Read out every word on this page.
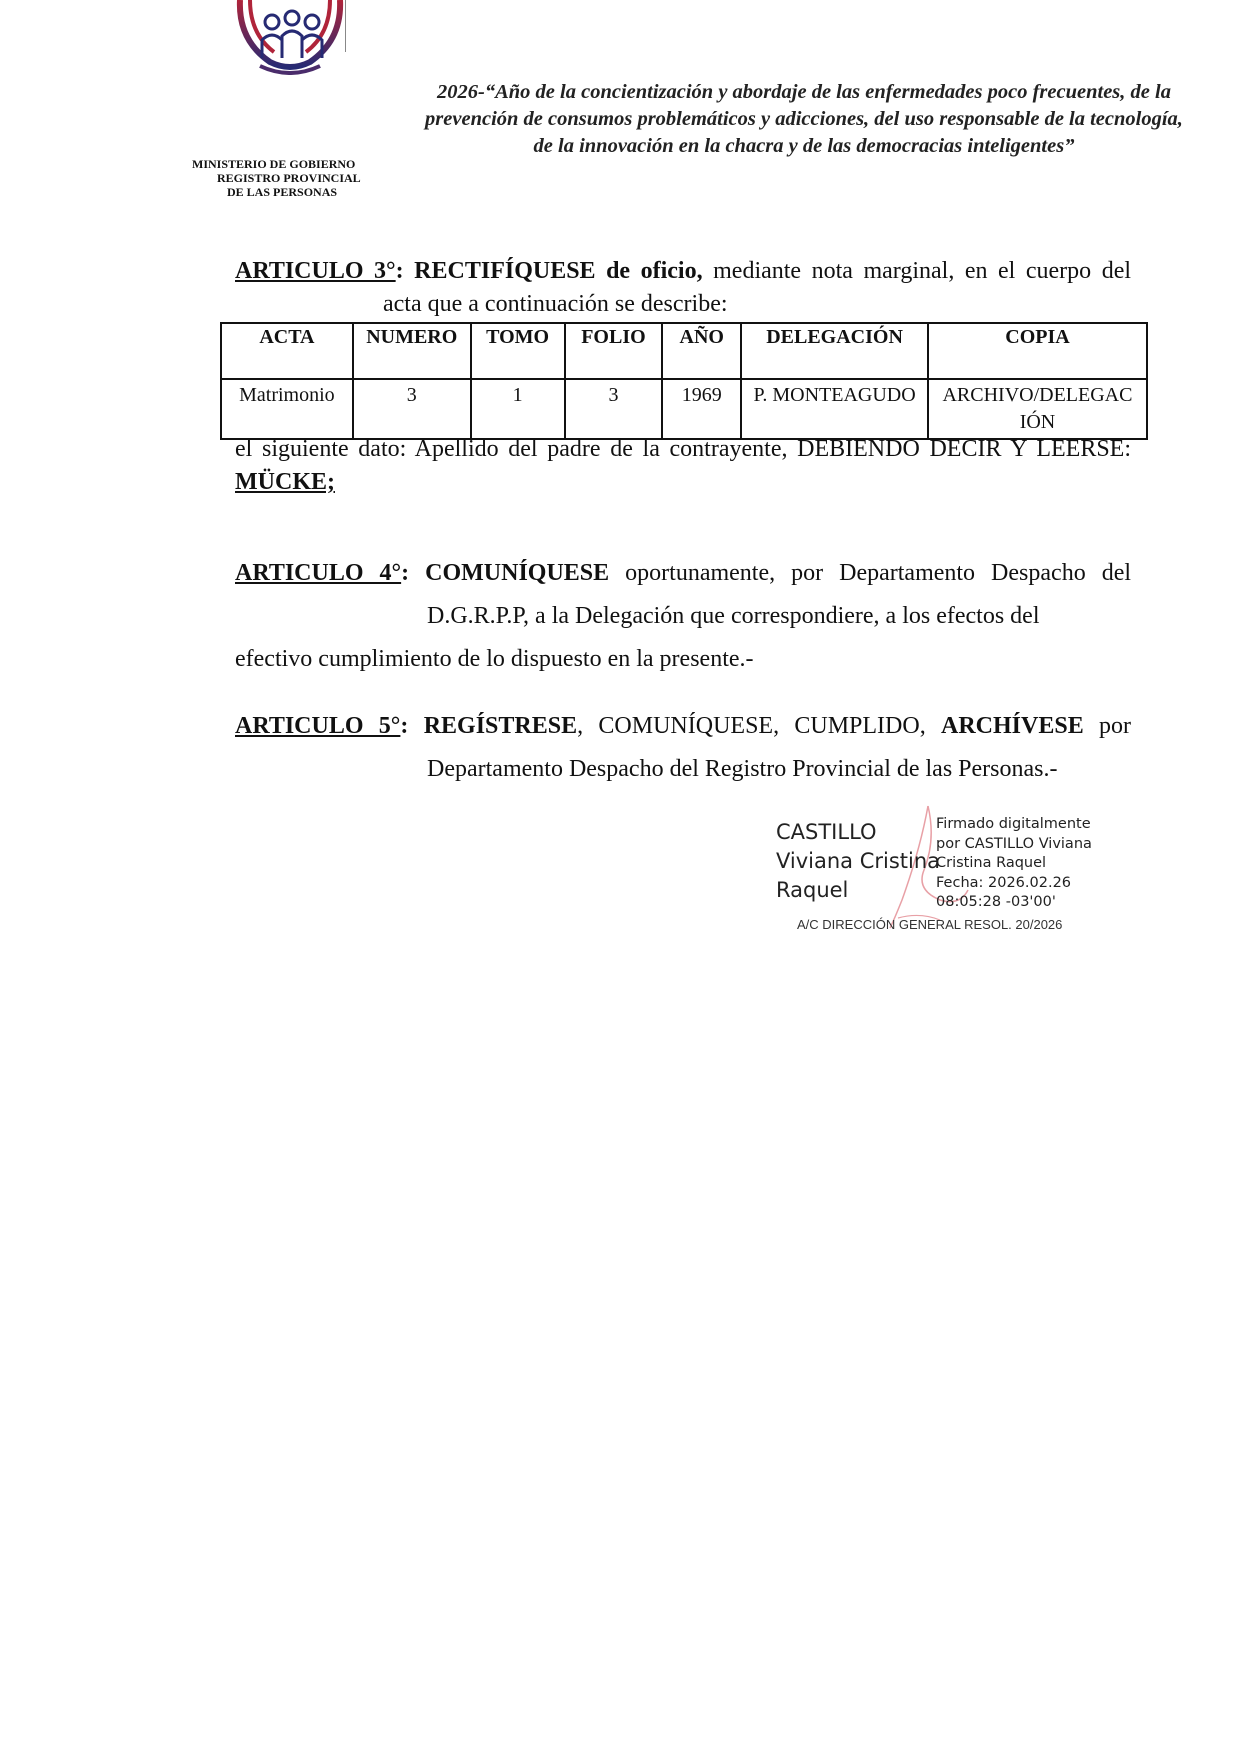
MINISTERIO DE GOBIERNO
REGISTRO PROVINCIAL
DE LAS PERSONAS
2026-“Año de la concientización y abordaje de las enfermedades poco frecuentes, de la prevención de consumos problemáticos y adicciones, del uso responsable de la tecnología, de la innovación en la chacra y de las democracias inteligentes”
ARTICULO 3°: RECTIFÍQUESE de oficio, mediante nota marginal, en el cuerpo del
acta que a continuación se describe:
ACTA	NUMERO	TOMO	FOLIO	AÑO	DELEGACIÓN	COPIA
Matrimonio	3	1	3	1969	P. MONTEAGUDO	ARCHIVO/DELEGACIÓN
el siguiente dato: Apellido del padre de la contrayente, DEBIENDO DECIR Y LEERSE:
MÜCKE;
ARTICULO 4°: COMUNÍQUESE oportunamente, por Departamento Despacho del
D.G.R.P.P, a la Delegación que correspondiere, a los efectos del
efectivo cumplimiento de lo dispuesto en la presente.-
ARTICULO 5°: REGÍSTRESE, COMUNÍQUESE, CUMPLIDO, ARCHÍVESE por
Departamento Despacho del Registro Provincial de las Personas.-
CASTILLO
Viviana Cristina
Raquel
Firmado digitalmente
por CASTILLO Viviana
Cristina Raquel
Fecha: 2026.02.26
08:05:28 -03'00'
A/C DIRECCIÓN GENERAL RESOL. 20/2026
